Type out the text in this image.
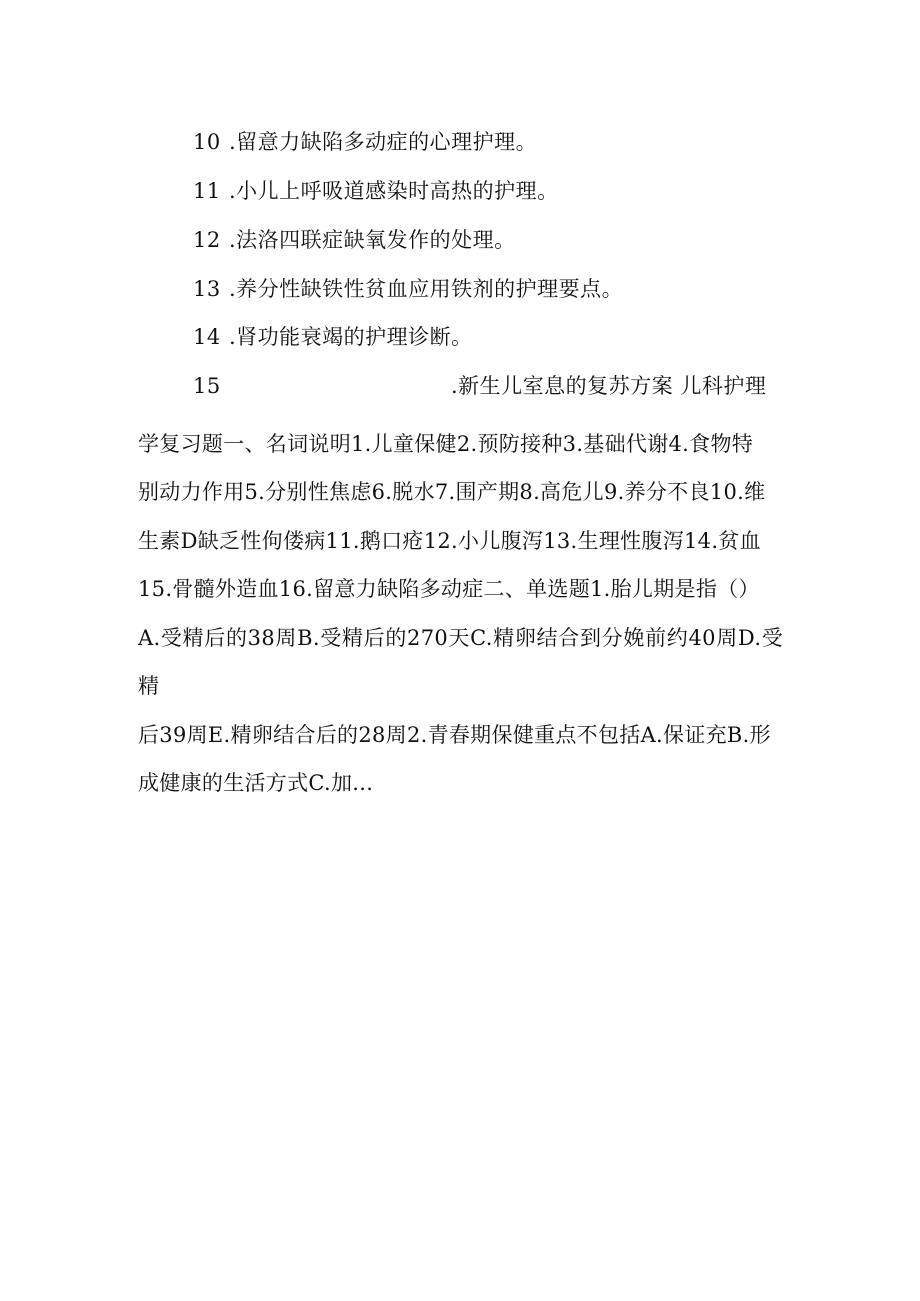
10 .留意力缺陷多动症的心理护理。
11 .小儿上呼吸道感染时高热的护理。
12 .法洛四联症缺氧发作的处理。
13 .养分性缺铁性贫血应用铁剂的护理要点。
14 .肾功能衰竭的护理诊断。
15	.新生儿室息的复苏方案 儿科护理
学复习题一、名词说明1.儿童保健2.预防接种3.基础代谢4.食物特
别动力作用5.分别性焦虑6.脱水7.围产期8.高危儿9.养分不良10.维
生素D缺乏性佝偻病11.鹅口疮12.小儿腹泻13.生理性腹泻14.贫血
15.骨髓外造血16.留意力缺陷多动症二、单选题1.胎儿期是指（）
A.受精后的38周B.受精后的270天C.精卵结合到分娩前约40周D.受精
后39周E.精卵结合后的28周2.青春期保健重点不包括A.保证充B.形
成健康的生活方式C.加...
